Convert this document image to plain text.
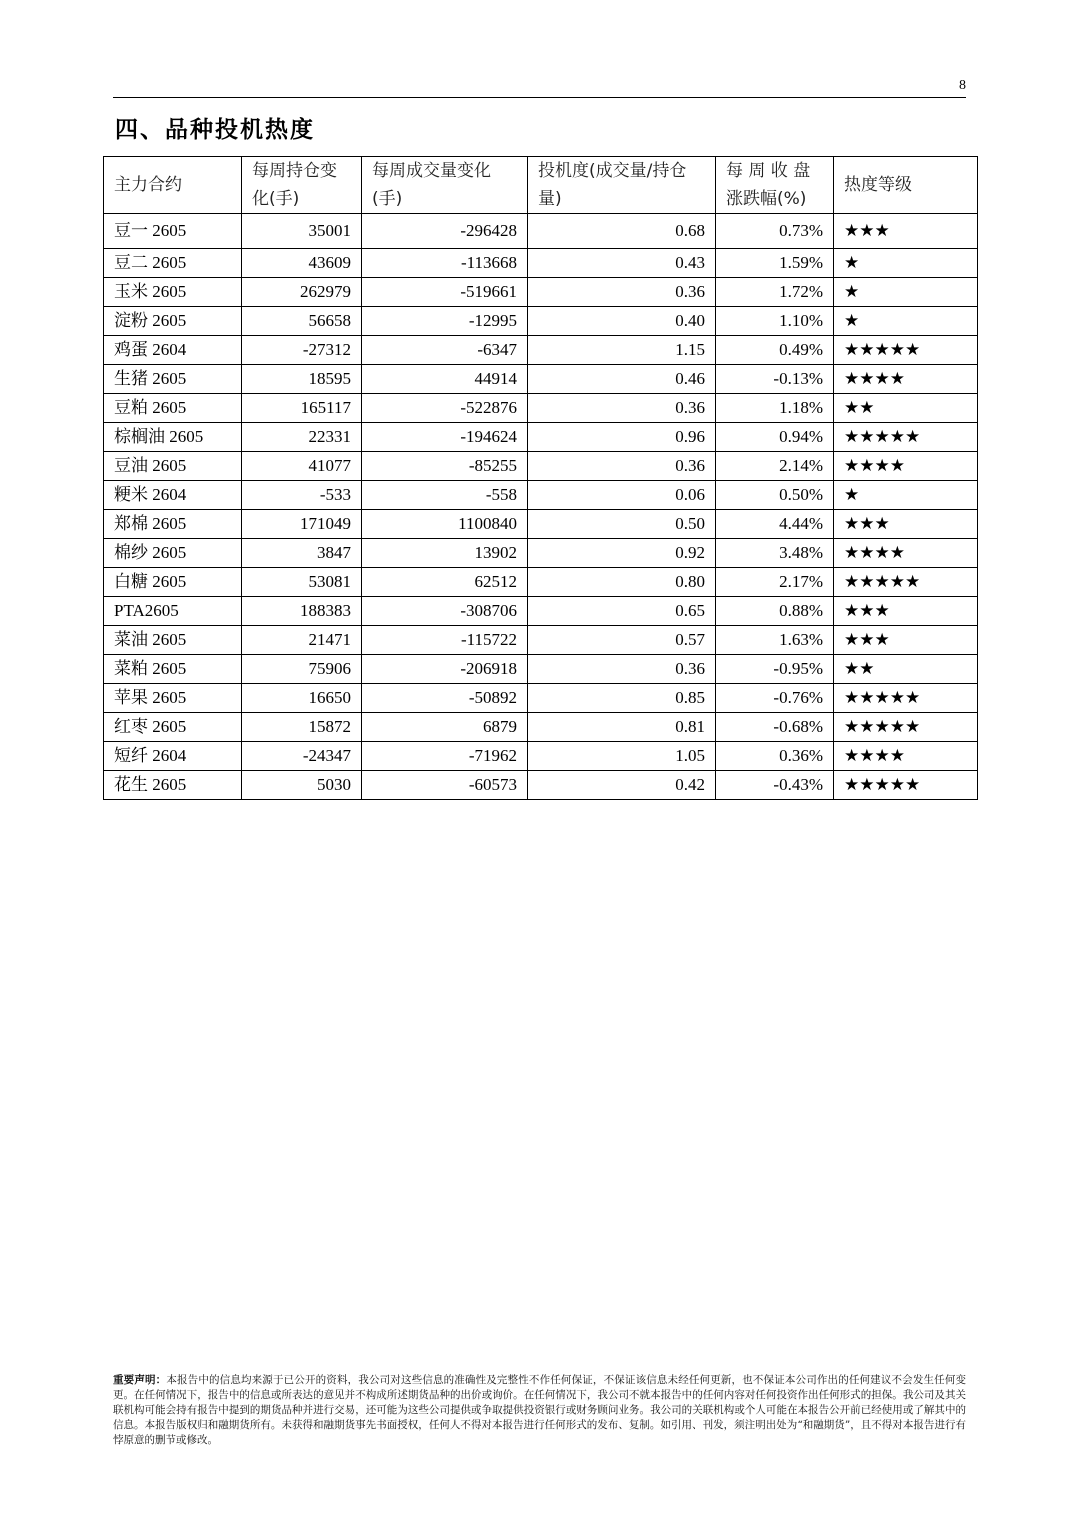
8
四、品种投机热度
主力合约	每周持仓变化(手)	每周成交量变化(手)	投机度(成交量/持仓量)	每 周 收 盘 涨跌幅(%)	热度等级
豆一 2605	35001	-296428	0.68	0.73%	★★★
豆二 2605	43609	-113668	0.43	1.59%	★
玉米 2605	262979	-519661	0.36	1.72%	★
淀粉 2605	56658	-12995	0.40	1.10%	★
鸡蛋 2604	-27312	-6347	1.15	0.49%	★★★★★
生猪 2605	18595	44914	0.46	-0.13%	★★★★
豆粕 2605	165117	-522876	0.36	1.18%	★★
棕榈油 2605	22331	-194624	0.96	0.94%	★★★★★
豆油 2605	41077	-85255	0.36	2.14%	★★★★
粳米 2604	-533	-558	0.06	0.50%	★
郑棉 2605	171049	1100840	0.50	4.44%	★★★
棉纱 2605	3847	13902	0.92	3.48%	★★★★
白糖 2605	53081	62512	0.80	2.17%	★★★★★
PTA2605	188383	-308706	0.65	0.88%	★★★
菜油 2605	21471	-115722	0.57	1.63%	★★★
菜粕 2605	75906	-206918	0.36	-0.95%	★★
苹果 2605	16650	-50892	0.85	-0.76%	★★★★★
红枣 2605	15872	6879	0.81	-0.68%	★★★★★
短纤 2604	-24347	-71962	1.05	0.36%	★★★★
花生 2605	5030	-60573	0.42	-0.43%	★★★★★
重要声明：本报告中的信息均来源于已公开的资料，我公司对这些信息的准确性及完整性不作任何保证，不保证该信息未经任何更新，也不保证本公司作出的任何建议不会发生任何变更。在任何情况下，报告中的信息或所表达的意见并不构成所述期货品种的出价或询价。在任何情况下，我公司不就本报告中的任何内容对任何投资作出任何形式的担保。我公司及其关联机构可能会持有报告中提到的期货品种并进行交易，还可能为这些公司提供或争取提供投资银行或财务顾问业务。我公司的关联机构或个人可能在本报告公开前已经使用或了解其中的信息。本报告版权归和融期货所有。未获得和融期货事先书面授权，任何人不得对本报告进行任何形式的发布、复制。如引用、刊发，须注明出处为“和融期货”，且不得对本报告进行有悖原意的删节或修改。
